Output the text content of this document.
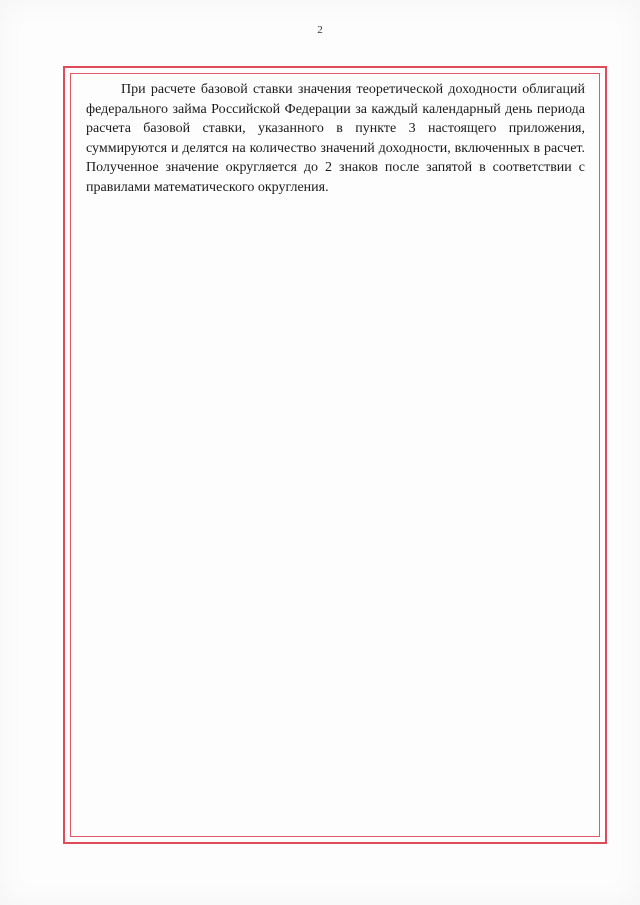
2

При расчете базовой ставки значения теоретической доходности облигаций федерального займа Российской Федерации за каждый календарный день периода расчета базовой ставки, указанного в пункте 3 настоящего приложения, суммируются и делятся на количество значений доходности, включенных в расчет. Полученное значение округляется до 2 знаков после запятой в соответствии с правилами математического округления.
